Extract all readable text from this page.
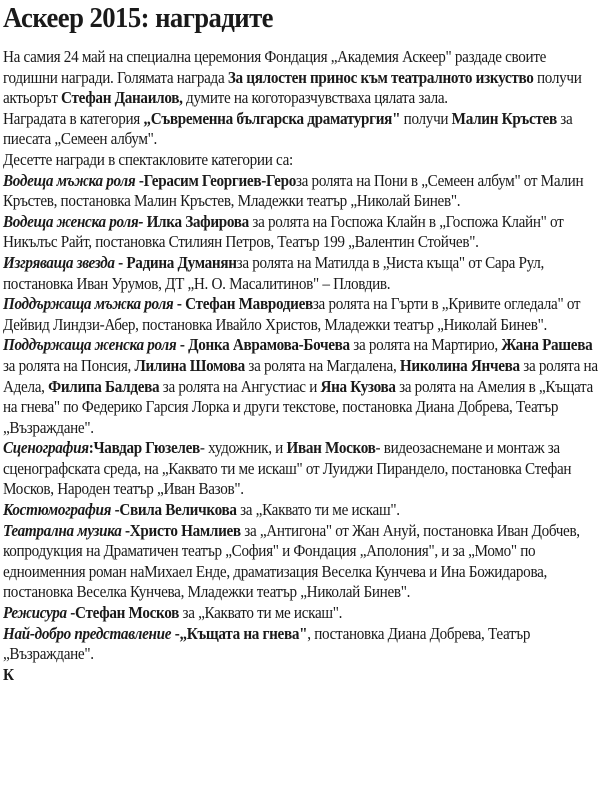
Аскеер 2015: наградите

На самия 24 май на специална церемония Фондация „Академия Аскеер" раздаде своите годишни награди. Голямата награда За цялостен принос към театралното изкуство получи актьорът Стефан Данаилов, думите на коготоразчувстваха цялата зала.

Наградата в категория „Съвременна българска драматургия" получи Малин Кръстев за пиесата „Семеен албум".

Десетте награди в спектакловите категории са:

Водеща мъжка роля -Герасим Георгиев-Героза ролята на Пони в „Семеен албум" от Малин Кръстев, постановка Малин Кръстев, Младежки театър „Николай Бинев".

Водеща женска роля- Илка Зафирова за ролята на Госпожа Клайн в „Госпожа Клайн" от Никълъс Райт, постановка Стилиян Петров, Театър 199 „Валентин Стойчев".

Изгряваща звезда - Радина Думанянза ролята на Матилда в „Чиста къща" от Сара Рул, постановка Иван Урумов, ДТ „Н. О. Масалитинов" – Пловдив.

Поддържаща мъжка роля - Стефан Мавродиевза ролята на Гърти в „Кривите огледала" от Дейвид Линдзи-Абер, постановка Ивайло Христов, Младежки театър „Николай Бинев".

Поддържаща женска роля - Донка Аврамова-Бочева за ролята на Мартирио, Жана Рашева за ролята на Понсия, Лилина Шомова за ролята на Магдалена, Николина Янчева за ролята на Адела, Филипа Балдева за ролята на Ангустиас и Яна Кузова за ролята на Амелия в „Къщата на гнева" по Федерико Гарсия Лорка и други текстове, постановка Диана Добрева, Театър „Възраждане".

Сценография:Чавдар Гюзелев- художник, и Иван Москов- видеозаснемане и монтаж за сценографската среда, на „Каквато ти ме искаш" от Луиджи Пирандело, постановка Стефан Москов, Народен театър „Иван Вазов".

Костюмография -Свила Величкова за „Каквато ти ме искаш".

Театрална музика -Христо Намлиев за „Антигона" от Жан Ануй, постановка Иван Добчев, копродукция на Драматичен театър „София" и Фондация „Аполония", и за „Момо" по едноименния роман наМихаел Енде, драматизация Веселка Кунчева и Ина Божидарова, постановка Веселка Кунчева, Младежки театър „Николай Бинев".

Режисура -Стефан Москов за „Каквато ти ме искаш".

Най-добро представление -„Къщата на гнева", постановка Диана Добрева, Театър „Възраждане".

К
